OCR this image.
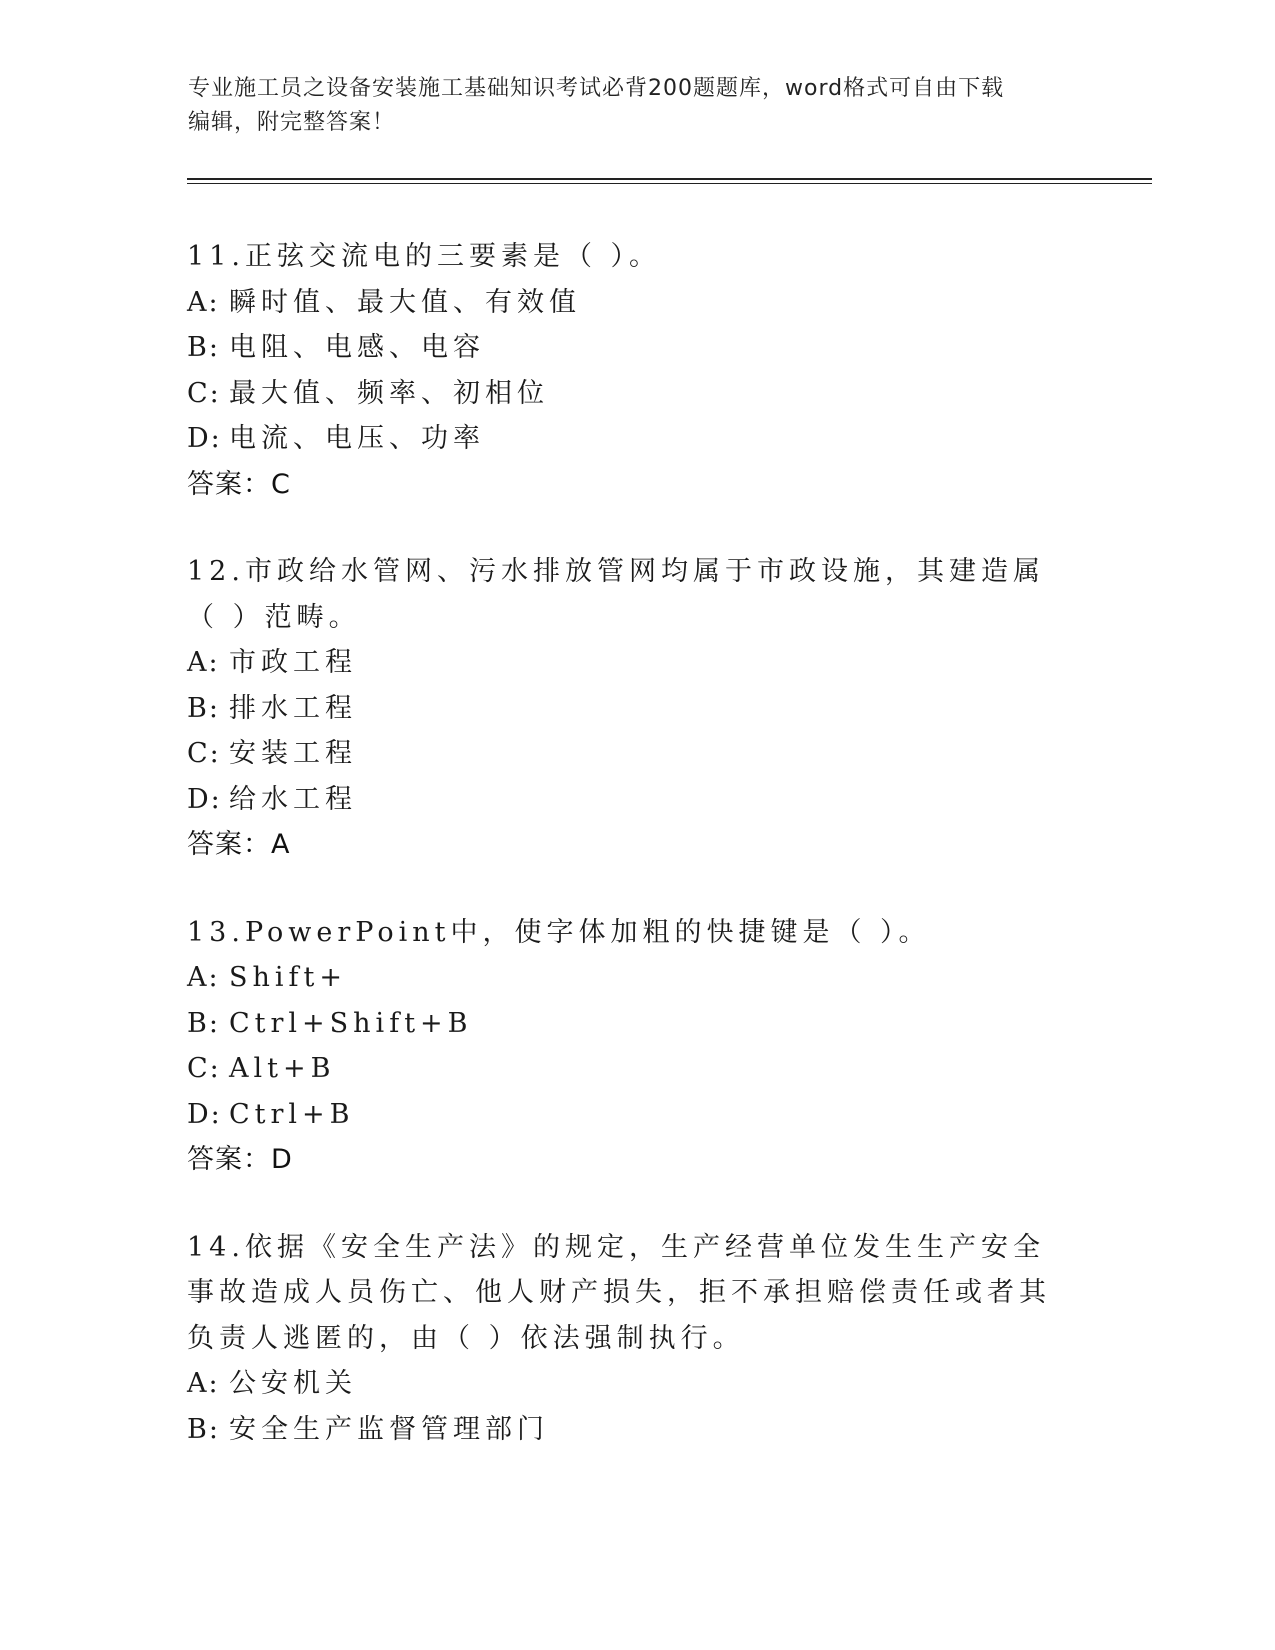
专业施工员之设备安装施工基础知识考试必背200题题库，word格式可自由下载
编辑，附完整答案！
11.正弦交流电的三要素是（ ）。
A: 瞬时值、最大值、有效值
B: 电阻、电感、电容
C: 最大值、频率、初相位
D: 电流、电压、功率
答案：C
12.市政给水管网、污水排放管网均属于市政设施，其建造属（ ）范畴。
A: 市政工程
B: 排水工程
C: 安装工程
D: 给水工程
答案：A
13.PowerPoint中，使字体加粗的快捷键是（ ）。
A: Shift+
B: Ctrl+Shift+B
C: Alt+B
D: Ctrl+B
答案：D
14.依据《安全生产法》的规定，生产经营单位发生生产安全事故造成人员伤亡、他人财产损失，拒不承担赔偿责任或者其负责人逃匿的，由（ ）依法强制执行。
A: 公安机关
B: 安全生产监督管理部门
